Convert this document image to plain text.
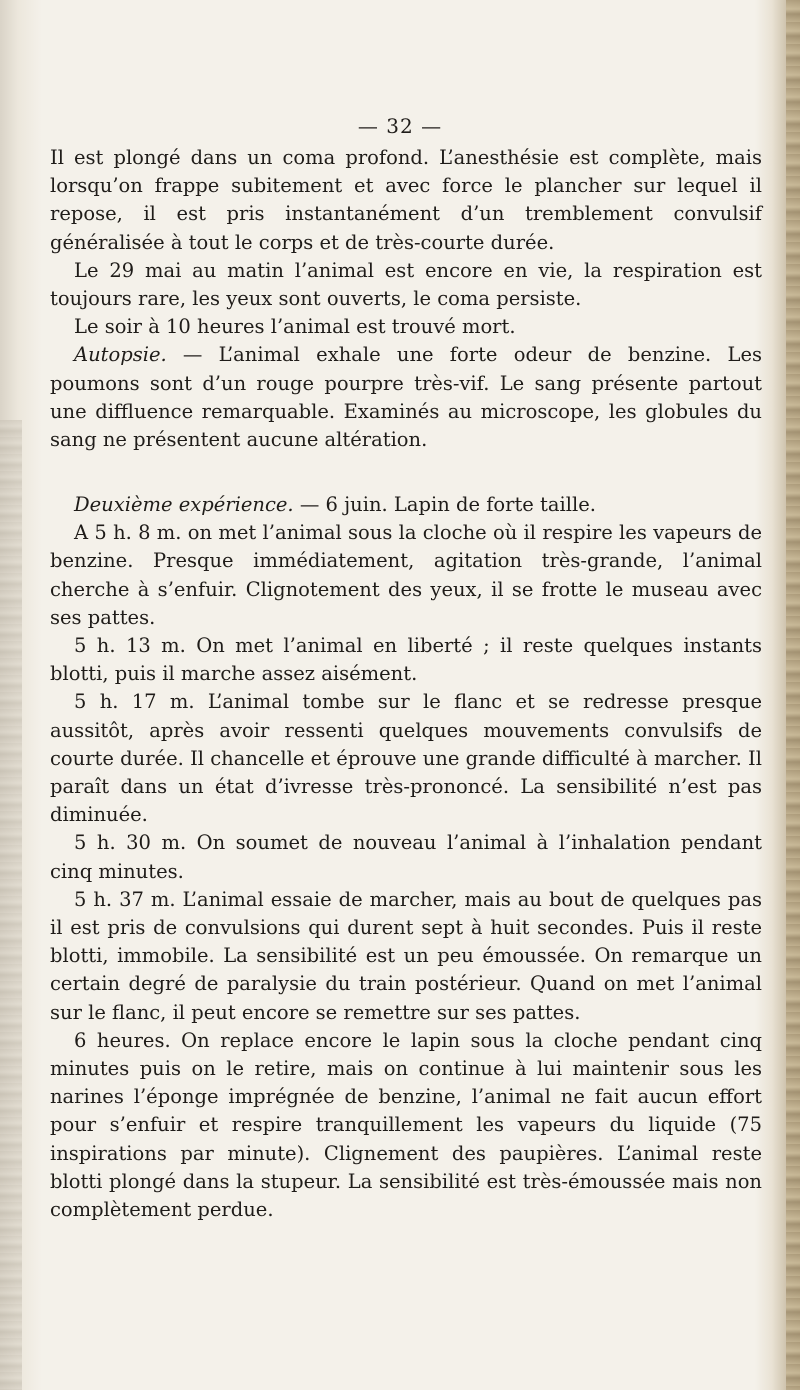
— 32 —

Il est plongé dans un coma profond. L’anesthésie est complète, mais lorsqu’on frappe subitement et avec force le plancher sur lequel il repose, il est pris instantanément d’un tremblement convulsif généralisée à tout le corps et de très-courte durée.

Le 29 mai au matin l’animal est encore en vie, la respiration est toujours rare, les yeux sont ouverts, le coma persiste.

Le soir à 10 heures l’animal est trouvé mort.

Autopsie. — L’animal exhale une forte odeur de benzine. Les poumons sont d’un rouge pourpre très-vif. Le sang présente partout une diffluence remarquable. Examinés au microscope, les globules du sang ne présentent aucune altération.

Deuxième expérience. — 6 juin. Lapin de forte taille.

A 5 h. 8 m. on met l’animal sous la cloche où il respire les vapeurs de benzine. Presque immédiatement, agitation très-grande, l’animal cherche à s’enfuir. Clignotement des yeux, il se frotte le museau avec ses pattes.

5 h. 13 m. On met l’animal en liberté ; il reste quelques instants blotti, puis il marche assez aisément.

5 h. 17 m. L’animal tombe sur le flanc et se redresse presque aussitôt, après avoir ressenti quelques mouvements convulsifs de courte durée. Il chancelle et éprouve une grande difficulté à marcher. Il paraît dans un état d’ivresse très-prononcé. La sensibilité n’est pas diminuée.

5 h. 30 m. On soumet de nouveau l’animal à l’inhalation pendant cinq minutes.

5 h. 37 m. L’animal essaie de marcher, mais au bout de quelques pas il est pris de convulsions qui durent sept à huit secondes. Puis il reste blotti, immobile. La sensibilité est un peu émoussée. On remarque un certain degré de paralysie du train postérieur. Quand on met l’animal sur le flanc, il peut encore se remettre sur ses pattes.

6 heures. On replace encore le lapin sous la cloche pendant cinq minutes puis on le retire, mais on continue à lui maintenir sous les narines l’éponge imprégnée de benzine, l’animal ne fait aucun effort pour s’enfuir et respire tranquillement les vapeurs du liquide (75 inspirations par minute). Clignement des paupières. L’animal reste blotti plongé dans la stupeur. La sensibilité est très-émoussée mais non complètement perdue.
